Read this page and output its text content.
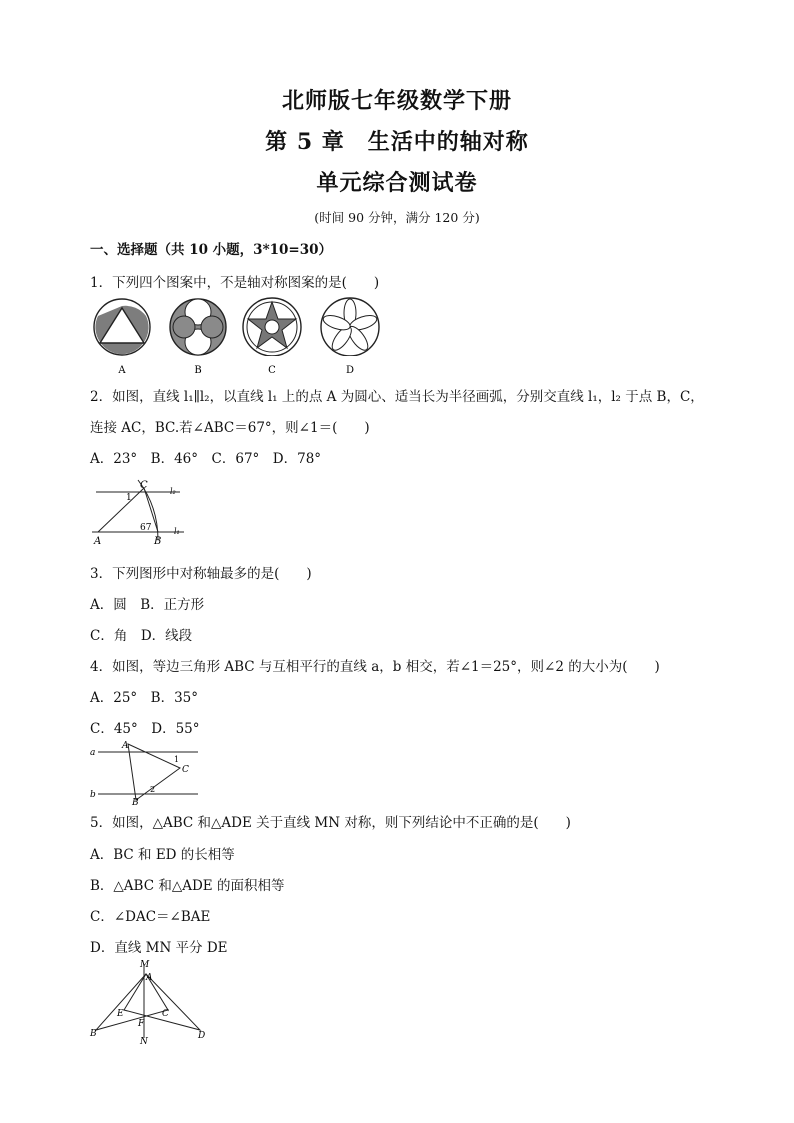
北师版七年级数学下册
第 5 章　生活中的轴对称
单元综合测试卷
(时间 90 分钟，满分 120 分)
一、选择题（共 10 小题，3*10=30）
1．下列四个图案中，不是轴对称图案的是(　　)
A	B	C	D
2．如图，直线 l₁∥l₂，以直线 l₁ 上的点 A 为圆心、适当长为半径画弧，分别交直线 l₁，l₂ 于点 B，C，
连接 AC，BC.若∠ABC＝67°，则∠1＝(　　)
A．23°　B．46°　C．67°　D．78°
A	B
C
1
67	l₁
l₂
3．下列图形中对称轴最多的是(　　)
A．圆　B．正方形
C．角　D．线段
4．如图，等边三角形 ABC 与互相平行的直线 a，b 相交，若∠1＝25°，则∠2 的大小为(　　)
A．25°　B．35°
C．45°　D．55°
a
b
A
B
C
1
2
5．如图，△ABC 和△ADE 关于直线 MN 对称，则下列结论中不正确的是(　　)
A．BC 和 ED 的长相等
B．△ABC 和△ADE 的面积相等
C．∠DAC＝∠BAE
D．直线 MN 平分 DE
M
A
B	D
E	C
F
N
